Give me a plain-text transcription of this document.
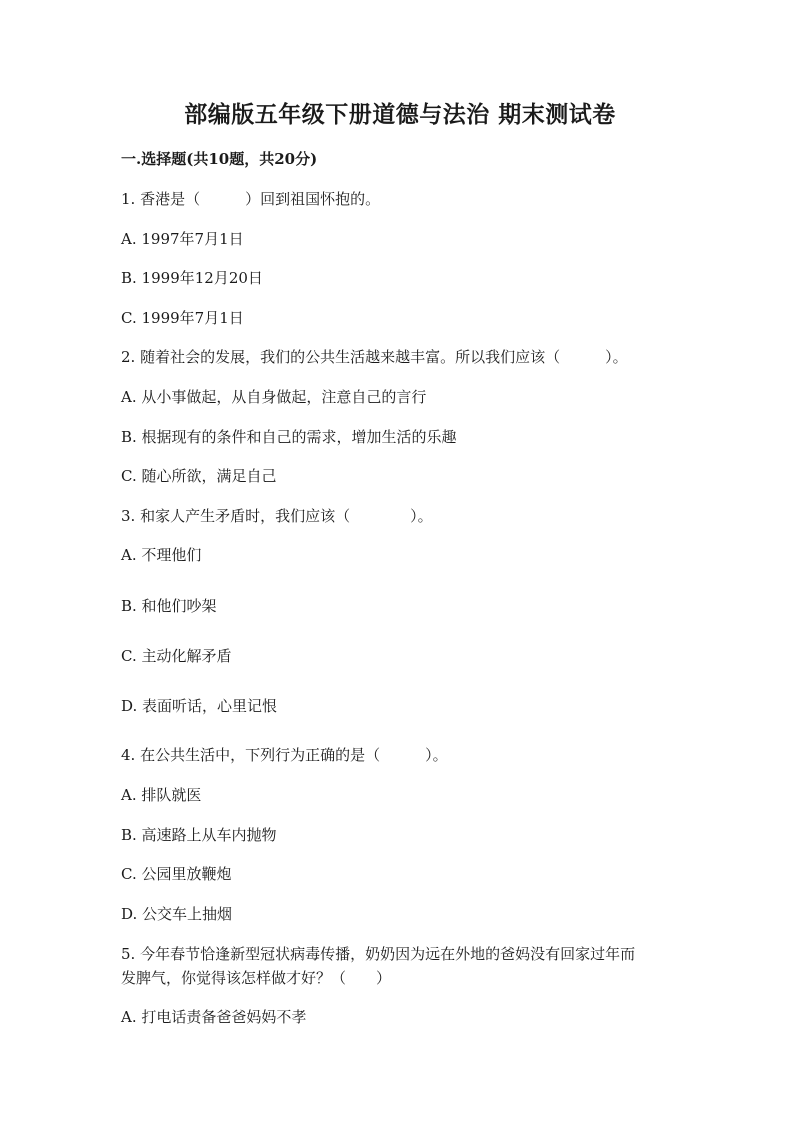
部编版五年级下册道德与法治 期末测试卷

一.选择题(共10题，共20分)

1. 香港是（　　　）回到祖国怀抱的。

A. 1997年7月1日

B. 1999年12月20日

C. 1999年7月1日

2. 随着社会的发展，我们的公共生活越来越丰富。所以我们应该（　　　）。

A. 从小事做起，从自身做起，注意自己的言行

B. 根据现有的条件和自己的需求，增加生活的乐趣

C. 随心所欲，满足自己

3. 和家人产生矛盾时，我们应该（　　　　）。

A. 不理他们

B. 和他们吵架

C. 主动化解矛盾

D. 表面听话，心里记恨

4. 在公共生活中，下列行为正确的是（　　　）。

A. 排队就医

B. 高速路上从车内抛物

C. 公园里放鞭炮

D. 公交车上抽烟

5. 今年春节恰逢新型冠状病毒传播，奶奶因为远在外地的爸妈没有回家过年而

发脾气，你觉得该怎样做才好？（　　）

A. 打电话责备爸爸妈妈不孝
